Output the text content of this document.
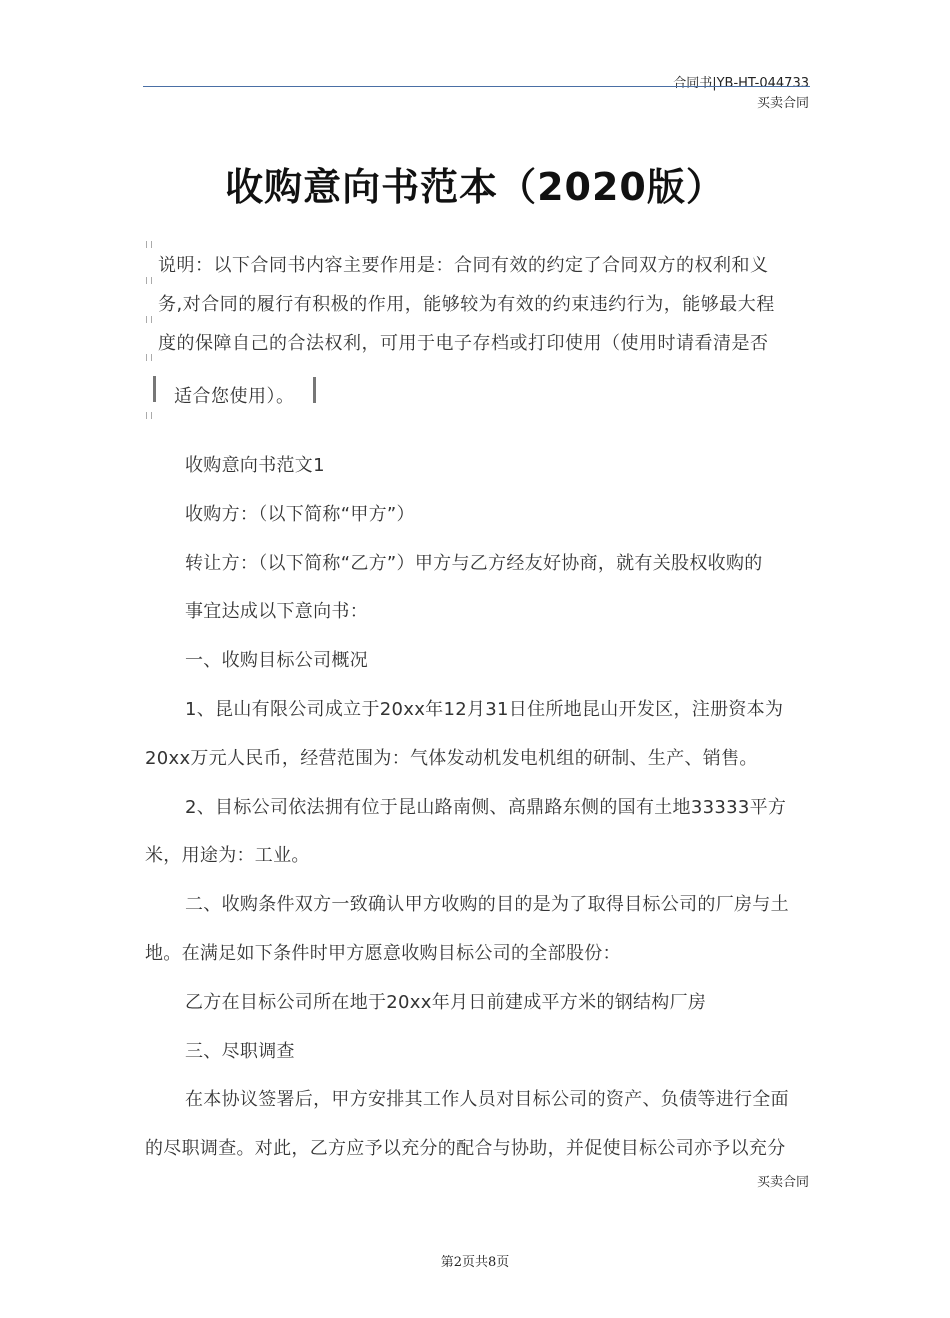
合同书|YB-HT-044733
买卖合同
收购意向书范本（2020版）
说明：以下合同书内容主要作用是：合同有效的约定了合同双方的权利和义
务,对合同的履行有积极的作用，能够较为有效的约束违约行为，能够最大程
度的保障自己的合法权利，可用于电子存档或打印使用（使用时请看清是否
适合您使用）。
收购意向书范文1
收购方：（以下简称“甲方”）
转让方：（以下简称“乙方”）甲方与乙方经友好协商，就有关股权收购的
事宜达成以下意向书：
一、收购目标公司概况
1、昆山有限公司成立于20xx年12月31日住所地昆山开发区，注册资本为
20xx万元人民币，经营范围为：气体发动机发电机组的研制、生产、销售。
2、目标公司依法拥有位于昆山路南侧、高鼎路东侧的国有土地33333平方
米，用途为：工业。
二、收购条件双方一致确认甲方收购的目的是为了取得目标公司的厂房与土
地。在满足如下条件时甲方愿意收购目标公司的全部股份：
乙方在目标公司所在地于20xx年月日前建成平方米的钢结构厂房
三、尽职调查
在本协议签署后，甲方安排其工作人员对目标公司的资产、负债等进行全面
的尽职调查。对此，乙方应予以充分的配合与协助，并促使目标公司亦予以充分
买卖合同
第2页共8页
